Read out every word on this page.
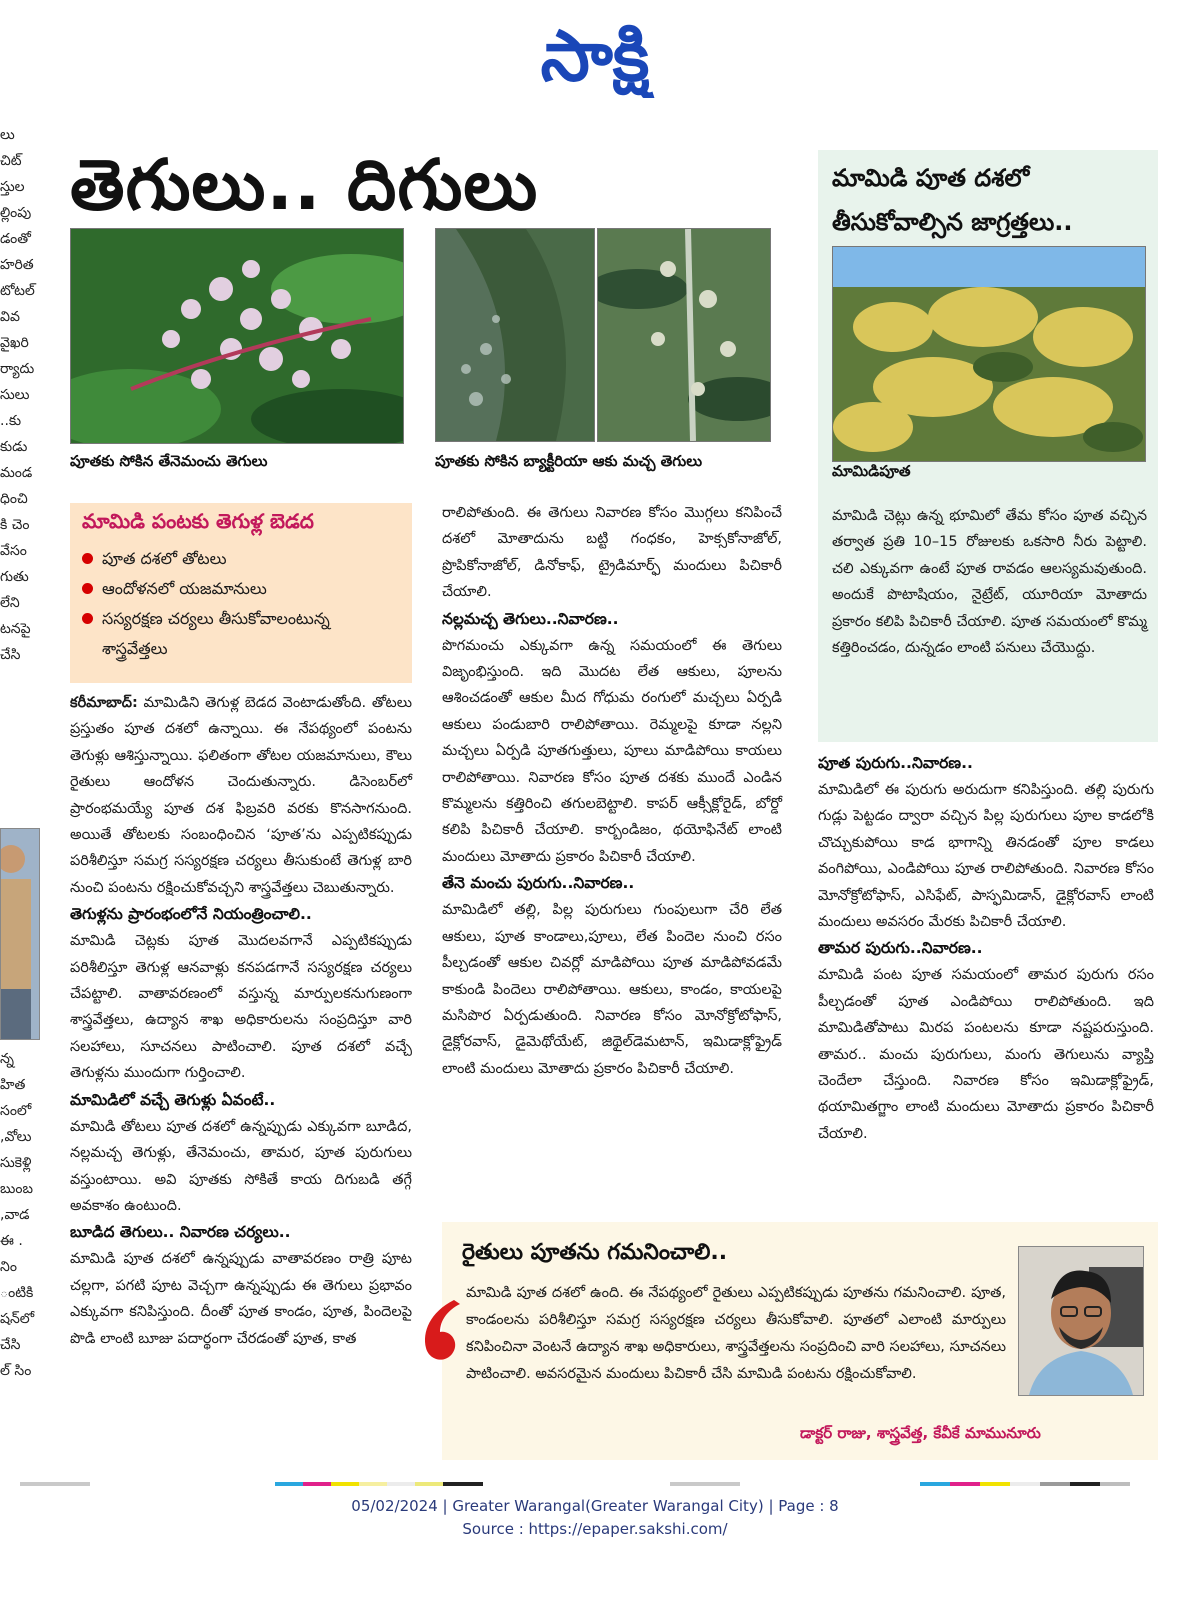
సాక్షి
లు
చిట్
స్తుల
ల్లింపు
డంతో
హరిత
టోటల్
వివ
వైఖరి
ర్యాదు
సులు
కు..
కుడు
మండ
ధించి
కి చెం
వేసం
గుతు
లేని
టనపై
చేసి
న్న
హిత
సంలో
వోలు,
సుకెళ్లి
బుంబ
వాడ,
. ఈ
నిం
ంటికి
షన్‌లో
చేసి
ల్ సిం
తెగులు.. దిగులు
పూతకు సోకిన తేనెమంచు తెగులు	పూతకు సోకిన బ్యాక్టీరియా ఆకు మచ్చ తెగులు
మామిడి పంటకు తెగుళ్ల బెడద
పూత దశలో తోటలు
ఆందోళనలో యజమానులు
సస్యరక్షణ చర్యలు తీసుకోవాలంటున్న శాస్త్రవేత్తలు

కరీమాబాద్: మామిడిని తెగుళ్ల బెడద వెంటాడుతోంది. తోటలు ప్రస్తుతం పూత దశలో ఉన్నాయి. ఈ నేపథ్యంలో పంటను తెగుళ్లు ఆశిస్తున్నాయి. ఫలితంగా తోటల యజమానులు, కౌలు రైతులు ఆందోళన చెందుతున్నారు. డిసెంబర్‌లో ప్రారంభమయ్యే పూత దశ ఫిబ్రవరి వరకు కొనసాగనుంది. అయితే తోటలకు సంబంధించిన ‘పూత’ను ఎప్పటికప్పుడు పరిశీలిస్తూ సమగ్ర సస్యరక్షణ చర్యలు తీసుకుంటే తెగుళ్ల బారి నుంచి పంటను రక్షించుకోవచ్చని శాస్త్రవేత్తలు చెబుతున్నారు.

తెగుళ్లను ప్రారంభంలోనే నియంత్రించాలి..

మామిడి చెట్లకు పూత మొదలవగానే ఎప్పటికప్పుడు పరిశీలిస్తూ తెగుళ్ల ఆనవాళ్లు కనపడగానే సస్యరక్షణ చర్యలు చేపట్టాలి. వాతావరణంలో వస్తున్న మార్పులకనుగుణంగా శాస్త్రవేత్తలు, ఉద్యాన శాఖ అధికారులను సంప్రదిస్తూ వారి సలహాలు, సూచనలు పాటించాలి. పూత దశలో వచ్చే తెగుళ్లను ముందుగా గుర్తించాలి.

మామిడిలో వచ్చే తెగుళ్లు ఏవంటే..

మామిడి తోటలు పూత దశలో ఉన్నప్పుడు ఎక్కువగా బూడిద, నల్లమచ్చ తెగుళ్లు, తేనెమంచు, తామర, పూత పురుగులు వస్తుంటాయి. అవి పూతకు సోకితే కాయ దిగుబడి తగ్గే అవకాశం ఉంటుంది.

బూడిద తెగులు.. నివారణ చర్యలు..

మామిడి పూత దశలో ఉన్నప్పుడు వాతావరణం రాత్రి పూట చల్లగా, పగటి పూట వెచ్చగా ఉన్నప్పుడు ఈ తెగులు ప్రభావం ఎక్కువగా కనిపిస్తుంది. దీంతో పూత కాండం, పూత, పిందెలపై పొడి లాంటి బూజు పదార్థంగా చేరడంతో పూత, కాత

రాలిపోతుంది. ఈ తెగులు నివారణ కోసం మొగ్గలు కనిపించే దశలో మోతాదును బట్టి గంధకం, హెక్సకోనాజోల్, ప్రొపికోనాజోల్, డినోకాఫ్, ట్రైడిమార్ఫ్ మందులు పిచికారీ చేయాలి.

నల్లమచ్చ తెగులు..నివారణ..

పొగమంచు ఎక్కువగా ఉన్న సమయంలో ఈ తెగులు విజృంభిస్తుంది. ఇది మొదట లేత ఆకులు, పూలను ఆశించడంతో ఆకుల మీద గోధుమ రంగులో మచ్చలు ఏర్పడి ఆకులు పండుబారి రాలిపోతాయి. రెమ్మలపై కూడా నల్లని మచ్చలు ఏర్పడి పూతగుత్తులు, పూలు మాడిపోయి కాయలు రాలిపోతాయి. నివారణ కోసం పూత దశకు ముందే ఎండిన కొమ్మలను కత్తిరించి తగులబెట్టాలి. కాపర్ ఆక్సీక్లోరైడ్, బోర్డో కలిపి పిచికారీ చేయాలి. కార్బండిజం, థయోఫినేట్ లాంటి మందులు మోతాదు ప్రకారం పిచికారీ చేయాలి.

తేనె మంచు పురుగు..నివారణ..

మామిడిలో తల్లి, పిల్ల పురుగులు గుంపులుగా చేరి లేత ఆకులు, పూత కాండాలు,పూలు, లేత పిందెల నుంచి రసం పీల్చడంతో ఆకుల చివర్లో మాడిపోయి పూత మాడిపోవడమే కాకుండి పిందెలు రాలిపోతాయి. ఆకులు, కాండం, కాయలపై మసిపొర ఏర్పడుతుంది. నివారణ కోసం మోనోక్రోటోఫాస్, డైక్లోరవాస్, డైమెథోయేట్, జిథైల్‌డెమటాన్, ఇమిడాక్లోఫ్రైడ్ లాంటి మందులు మోతాదు ప్రకారం పిచికారీ చేయాలి.

మామిడి పూత దశలో తీసుకోవాల్సిన జాగ్రత్తలు..
మామిడిపూత
మామిడి చెట్లు ఉన్న భూమిలో తేమ కోసం పూత వచ్చిన తర్వాత ప్రతి 10–15 రోజులకు ఒకసారి నీరు పెట్టాలి. చలి ఎక్కువగా ఉంటే పూత రావడం ఆలస్యమవుతుంది. అందుకే పొటాషియం, నైట్రేట్, యూరియా మోతాదు ప్రకారం కలిపి పిచికారీ చేయాలి. పూత సమయంలో కొమ్మ కత్తిరించడం, దున్నడం లాంటి పనులు చేయొద్దు.
పూత పురుగు..నివారణ..

మామిడిలో ఈ పురుగు అరుదుగా కనిపిస్తుంది. తల్లి పురుగు గుడ్లు పెట్టడం ద్వారా వచ్చిన పిల్ల పురుగులు పూల కాడలోకి చొచ్చుకుపోయి కాడ భాగాన్ని తినడంతో పూల కాడలు వంగిపోయి, ఎండిపోయి పూత రాలిపోతుంది. నివారణ కోసం మోనోక్రోటోఫాస్, ఎసిఫేట్, పాస్ఫమిడాన్, డైక్లోరవాస్ లాంటి మందులు అవసరం మేరకు పిచికారీ చేయాలి.

తామర పురుగు..నివారణ..

మామిడి పంట పూత సమయంలో తామర పురుగు రసం పీల్చడంతో పూత ఎండిపోయి రాలిపోతుంది. ఇది మామిడితోపాటు మిరప పంటలను కూడా నష్టపరుస్తుంది. తామర.. మంచు పురుగులు, మంగు తెగులును వ్యాప్తి చెందేలా చేస్తుంది. నివారణ కోసం ఇమిడాక్లోఫ్రైడ్, థయామితగ్జాం లాంటి మందులు మోతాదు ప్రకారం పిచికారీ చేయాలి.

రైతులు పూతను గమనించాలి..
మామిడి పూత దశలో ఉంది. ఈ నేపథ్యంలో రైతులు ఎప్పటికప్పుడు పూతను గమనించాలి. పూత, కాండంలను పరిశీలిస్తూ సమగ్ర సస్యరక్షణ చర్యలు తీసుకోవాలి. పూతలో ఎలాంటి మార్పులు కనిపించినా వెంటనే ఉద్యాన శాఖ అధికారులు, శాస్త్రవేత్తలను సంప్రదించి వారి సలహాలు, సూచనలు పాటించాలి. అవసరమైన మందులు పిచికారీ చేసి మామిడి పంటను రక్షించుకోవాలి.
డాక్టర్ రాజు, శాస్త్రవేత్త, కేవీకే మామునూరు
05/02/2024 | Greater Warangal(Greater Warangal City) | Page : 8
Source : https://epaper.sakshi.com/
